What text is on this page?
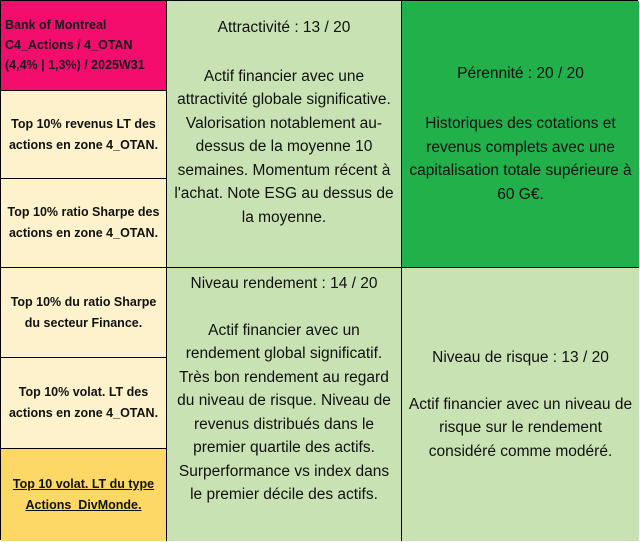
Bank of Montreal
C4_Actions / 4_OTAN
(4,4% | 1,3%) / 2025W31
Attractivité : 13 / 20
Actif financier avec une attractivité globale significative. Valorisation notablement au-dessus de la moyenne 10 semaines. Momentum récent à l'achat. Note ESG au dessus de la moyenne.
Pérennité : 20 / 20
Historiques des cotations et revenus complets avec une capitalisation totale supérieure à 60 G€.
Top 10% revenus LT des actions en zone 4_OTAN.
Top 10% ratio Sharpe des actions en zone 4_OTAN.
Top 10% du ratio Sharpe du secteur Finance.
Top 10% volat. LT des actions en zone 4_OTAN.
Top 10 volat. LT du type Actions_DivMonde.
Niveau rendement : 14 / 20
Actif financier avec un rendement global significatif. Très bon rendement au regard du niveau de risque. Niveau de revenus distribués dans le premier quartile des actifs. Surperformance vs index dans le premier décile des actifs.
Niveau de risque : 13 / 20
Actif financier avec un niveau de risque sur le rendement considéré comme modéré.
